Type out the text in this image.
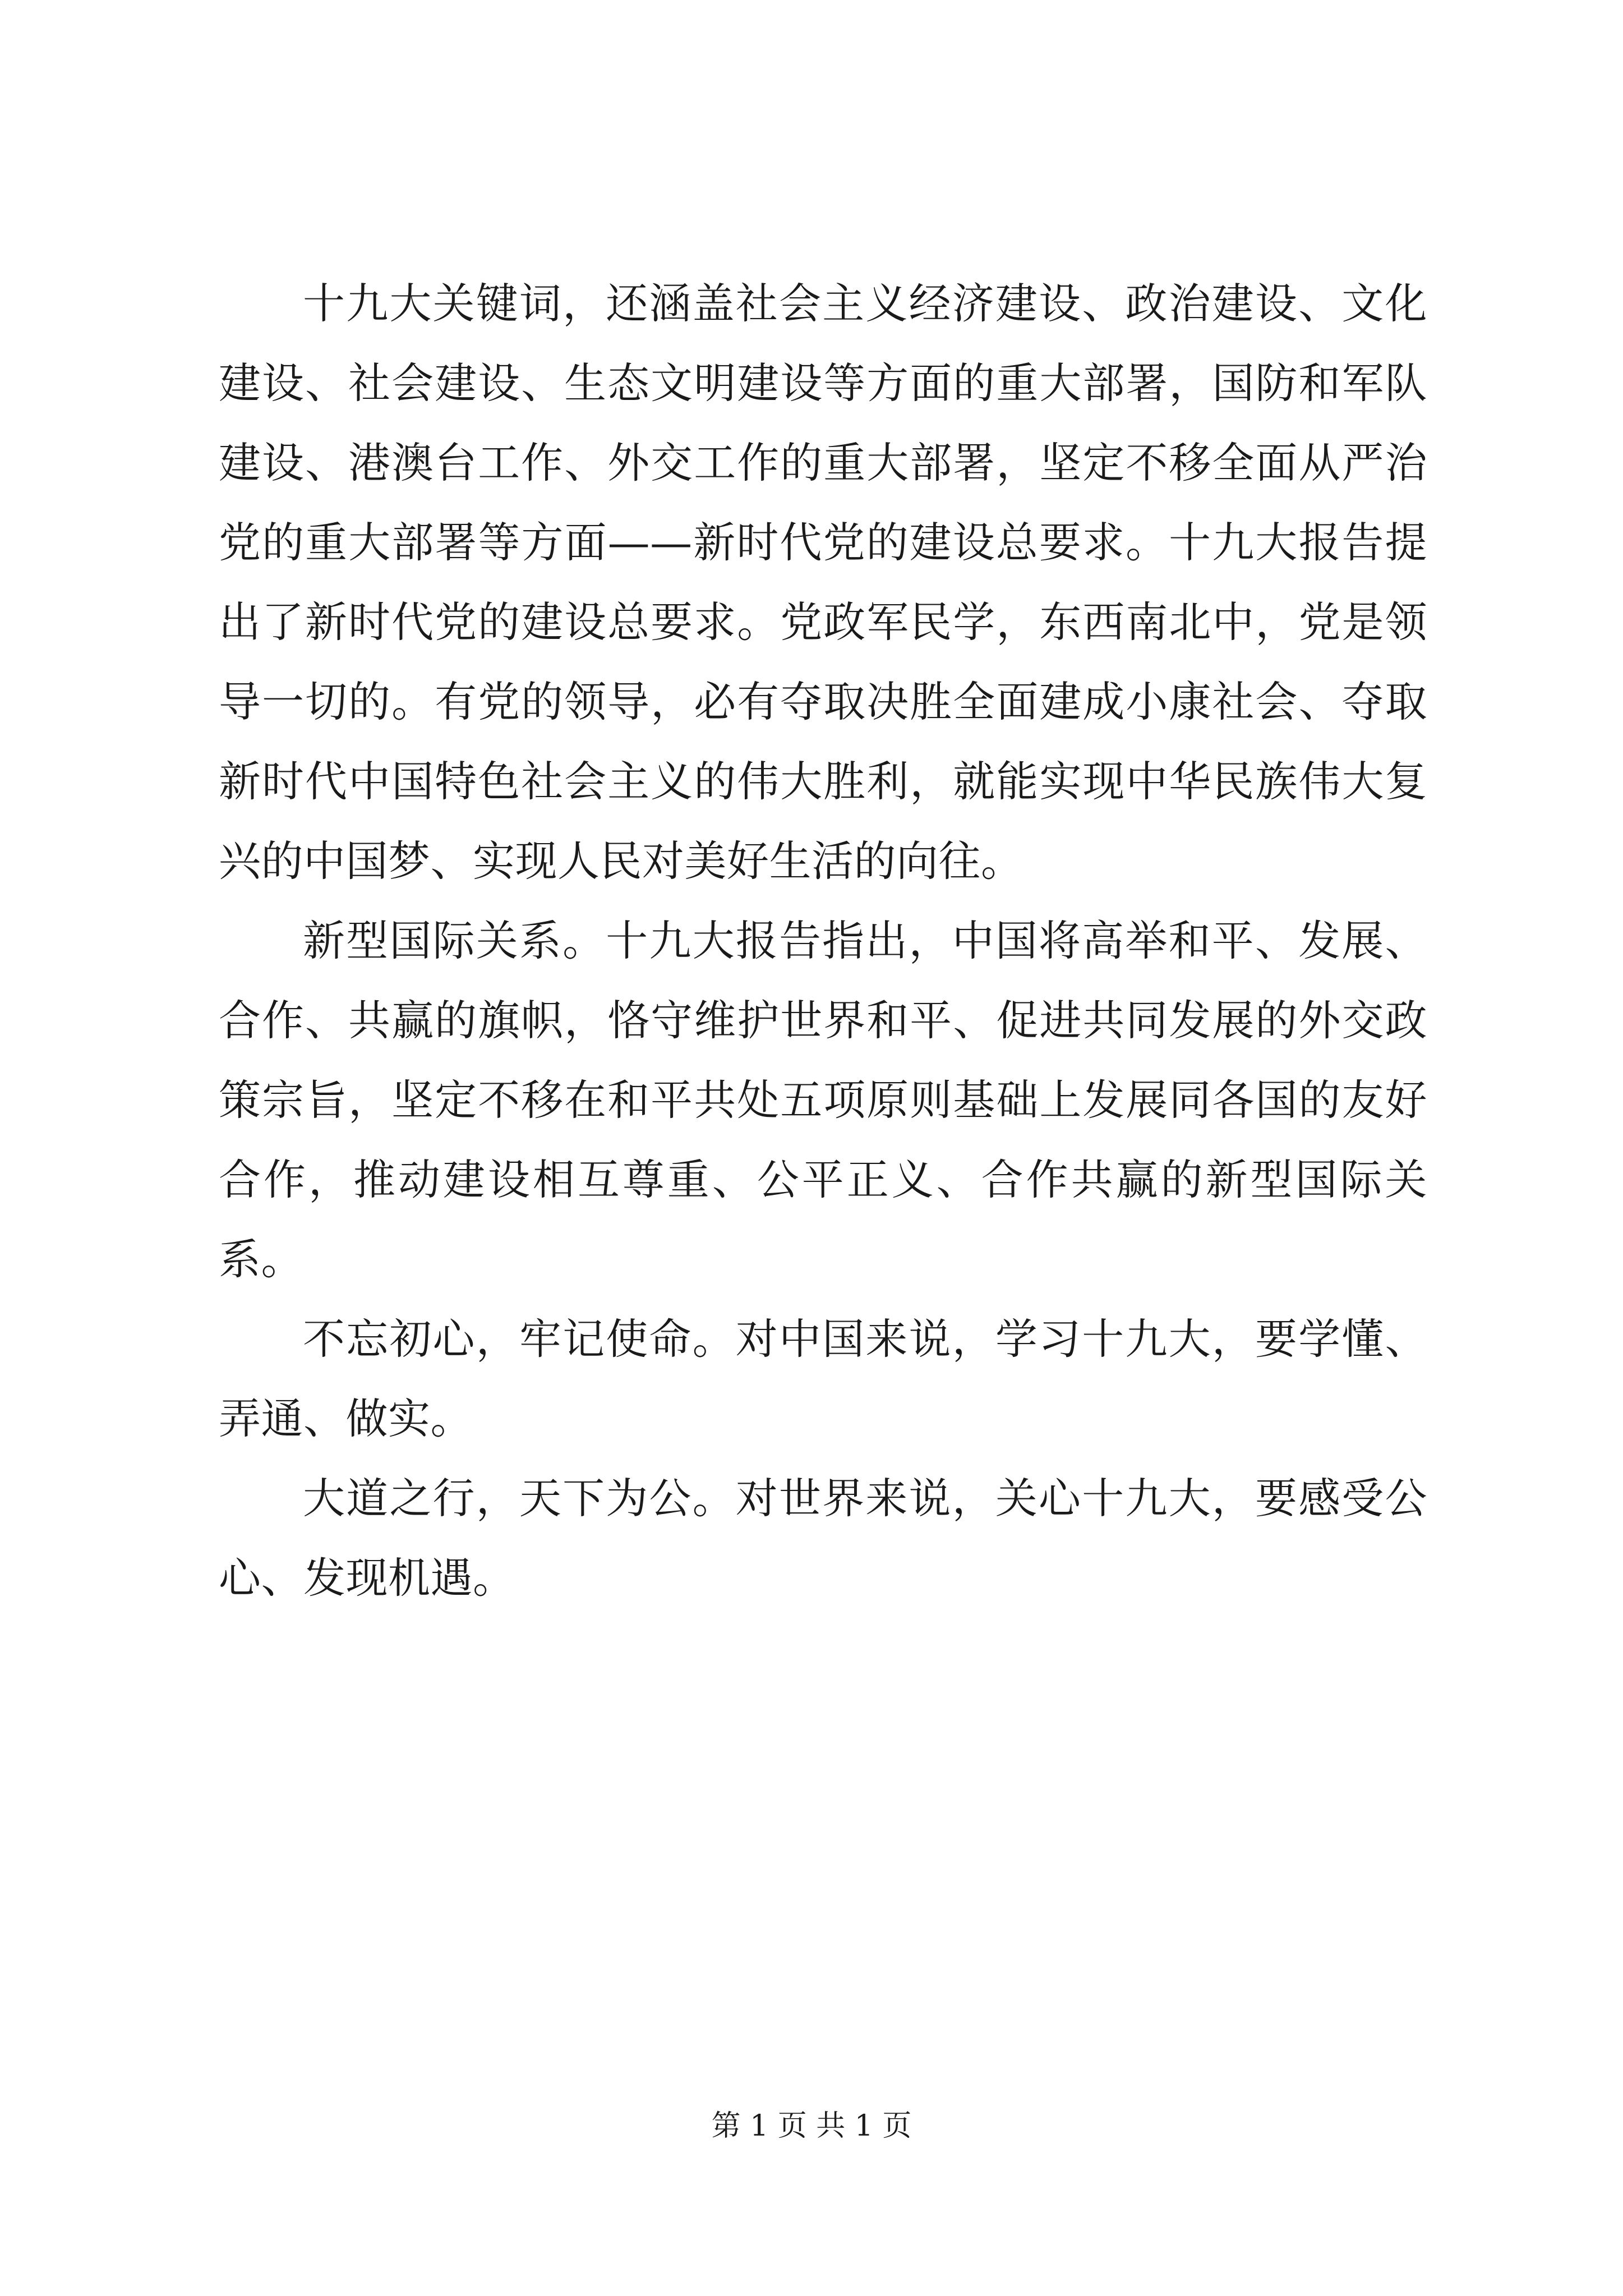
十九大关键词，还涵盖社会主义经济建设、政治建设、文化建设、社会建设、生态文明建设等方面的重大部署，国防和军队建设、港澳台工作、外交工作的重大部署，坚定不移全面从严治党的重大部署等方面——新时代党的建设总要求。十九大报告提出了新时代党的建设总要求。党政军民学，东西南北中，党是领导一切的。有党的领导，必有夺取决胜全面建成小康社会、夺取新时代中国特色社会主义的伟大胜利，就能实现中华民族伟大复兴的中国梦、实现人民对美好生活的向往。

新型国际关系。十九大报告指出，中国将高举和平、发展、合作、共赢的旗帜，恪守维护世界和平、促进共同发展的外交政策宗旨，坚定不移在和平共处五项原则基础上发展同各国的友好合作，推动建设相互尊重、公平正义、合作共赢的新型国际关系。

不忘初心，牢记使命。对中国来说，学习十九大，要学懂、弄通、做实。

大道之行，天下为公。对世界来说，关心十九大，要感受公心、发现机遇。

第 1 页 共 1 页
